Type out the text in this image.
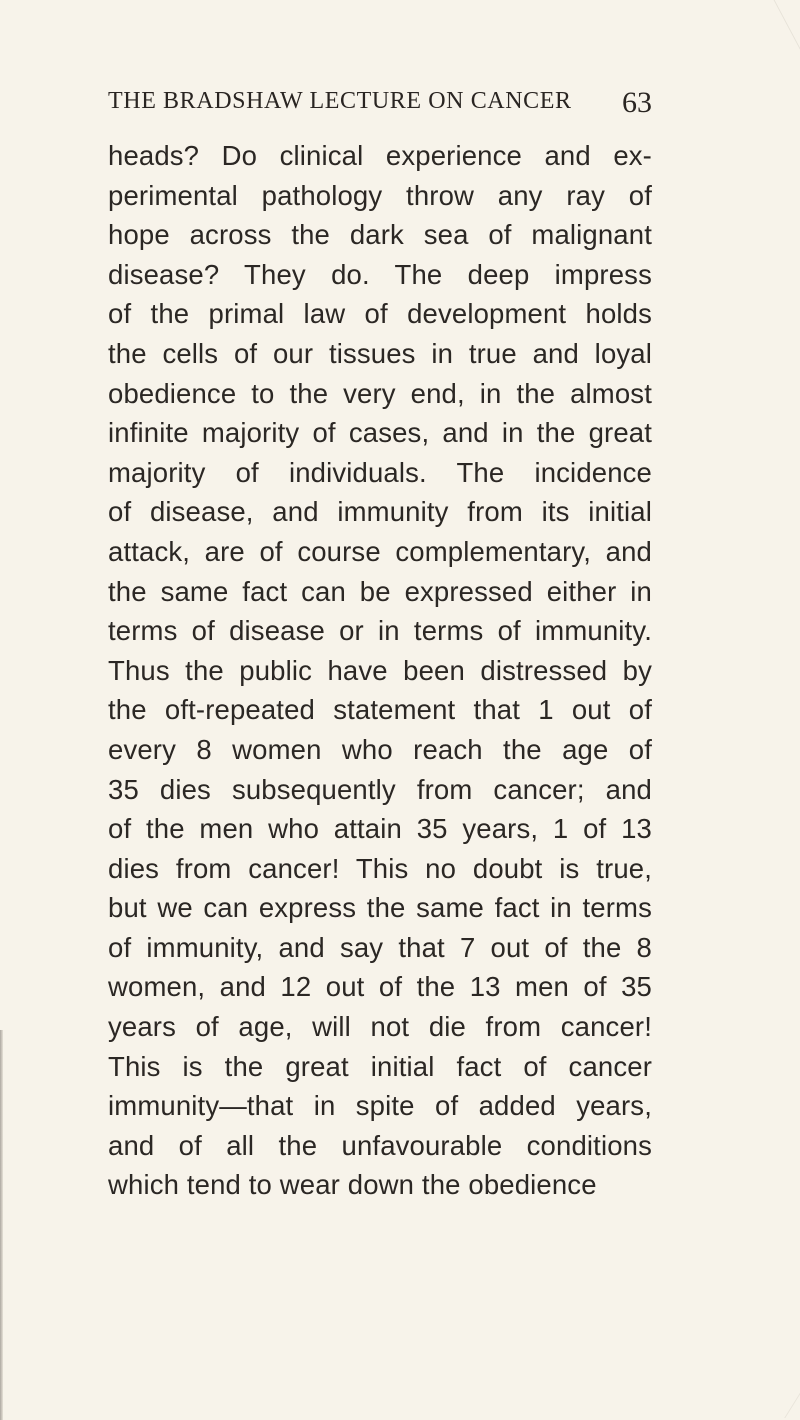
THE BRADSHAW LECTURE ON CANCER 63
heads? Do clinical experience and ex-
perimental pathology throw any ray of
hope across the dark sea of malignant
disease? They do. The deep impress
of the primal law of development holds
the cells of our tissues in true and loyal
obedience to the very end, in the almost
infinite majority of cases, and in the great
majority of individuals. The incidence
of disease, and immunity from its initial
attack, are of course complementary, and
the same fact can be expressed either in
terms of disease or in terms of immunity.
Thus the public have been distressed by
the oft-repeated statement that 1 out of
every 8 women who reach the age of
35 dies subsequently from cancer; and
of the men who attain 35 years, 1 of 13
dies from cancer! This no doubt is true,
but we can express the same fact in terms
of immunity, and say that 7 out of the 8
women, and 12 out of the 13 men of 35
years of age, will not die from cancer!
This is the great initial fact of cancer
immunity—that in spite of added years,
and of all the unfavourable conditions
which tend to wear down the obedience
